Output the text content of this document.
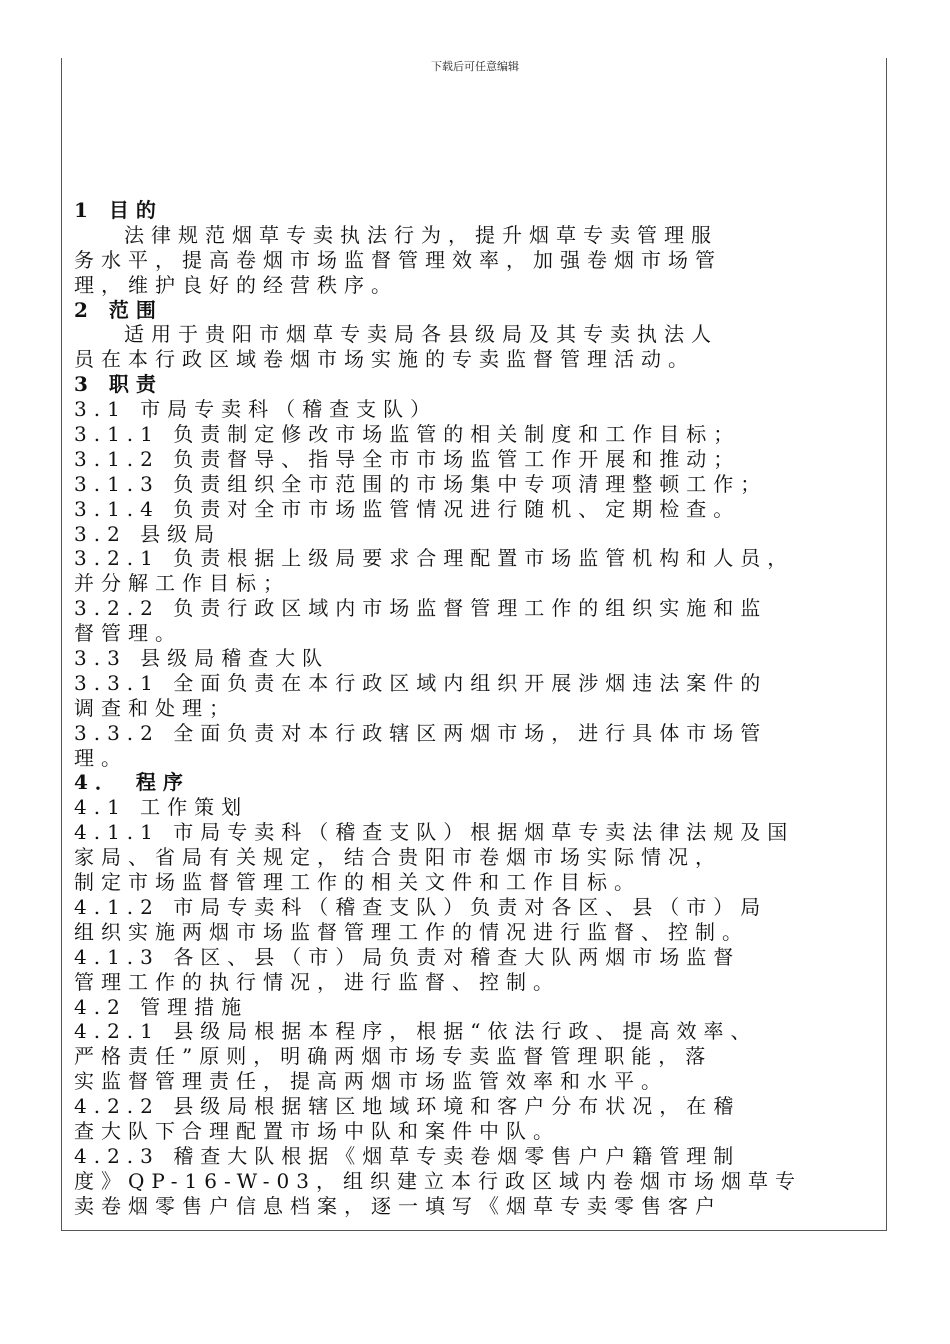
下载后可任意编辑
1 目的
法律规范烟草专卖执法行为，提升烟草专卖管理服
务水平，提高卷烟市场监督管理效率，加强卷烟市场管
理，维护良好的经营秩序。
2 范围
适用于贵阳市烟草专卖局各县级局及其专卖执法人
员在本行政区域卷烟市场实施的专卖监督管理活动。
3 职责
3.1 市局专卖科（稽查支队）
3.1.1 负责制定修改市场监管的相关制度和工作目标；
3.1.2 负责督导、指导全市市场监管工作开展和推动；
3.1.3 负责组织全市范围的市场集中专项清理整顿工作；
3.1.4 负责对全市市场监管情况进行随机、定期检查。
3.2 县级局
3.2.1 负责根据上级局要求合理配置市场监管机构和人员，
并分解工作目标；
3.2.2 负责行政区域内市场监督管理工作的组织实施和监
督管理。
3.3 县级局稽查大队
3.3.1 全面负责在本行政区域内组织开展涉烟违法案件的
调查和处理；
3.3.2 全面负责对本行政辖区两烟市场，进行具体市场管
理。
4． 程序
4.1 工作策划
4.1.1 市局专卖科（稽查支队）根据烟草专卖法律法规及国
家局、省局有关规定，结合贵阳市卷烟市场实际情况，
制定市场监督管理工作的相关文件和工作目标。
4.1.2 市局专卖科（稽查支队）负责对各区、县（市）局
组织实施两烟市场监督管理工作的情况进行监督、控制。
4.1.3 各区、县（市）局负责对稽查大队两烟市场监督
管理工作的执行情况，进行监督、控制。
4.2 管理措施
4.2.1 县级局根据本程序，根据“依法行政、提高效率、
严格责任”原则，明确两烟市场专卖监督管理职能，落
实监督管理责任，提高两烟市场监管效率和水平。
4.2.2 县级局根据辖区地域环境和客户分布状况，在稽
查大队下合理配置市场中队和案件中队。
4.2.3 稽查大队根据《烟草专卖卷烟零售户户籍管理制
度》QP-16-W-03，组织建立本行政区域内卷烟市场烟草专
卖卷烟零售户信息档案，逐一填写《烟草专卖零售客户
